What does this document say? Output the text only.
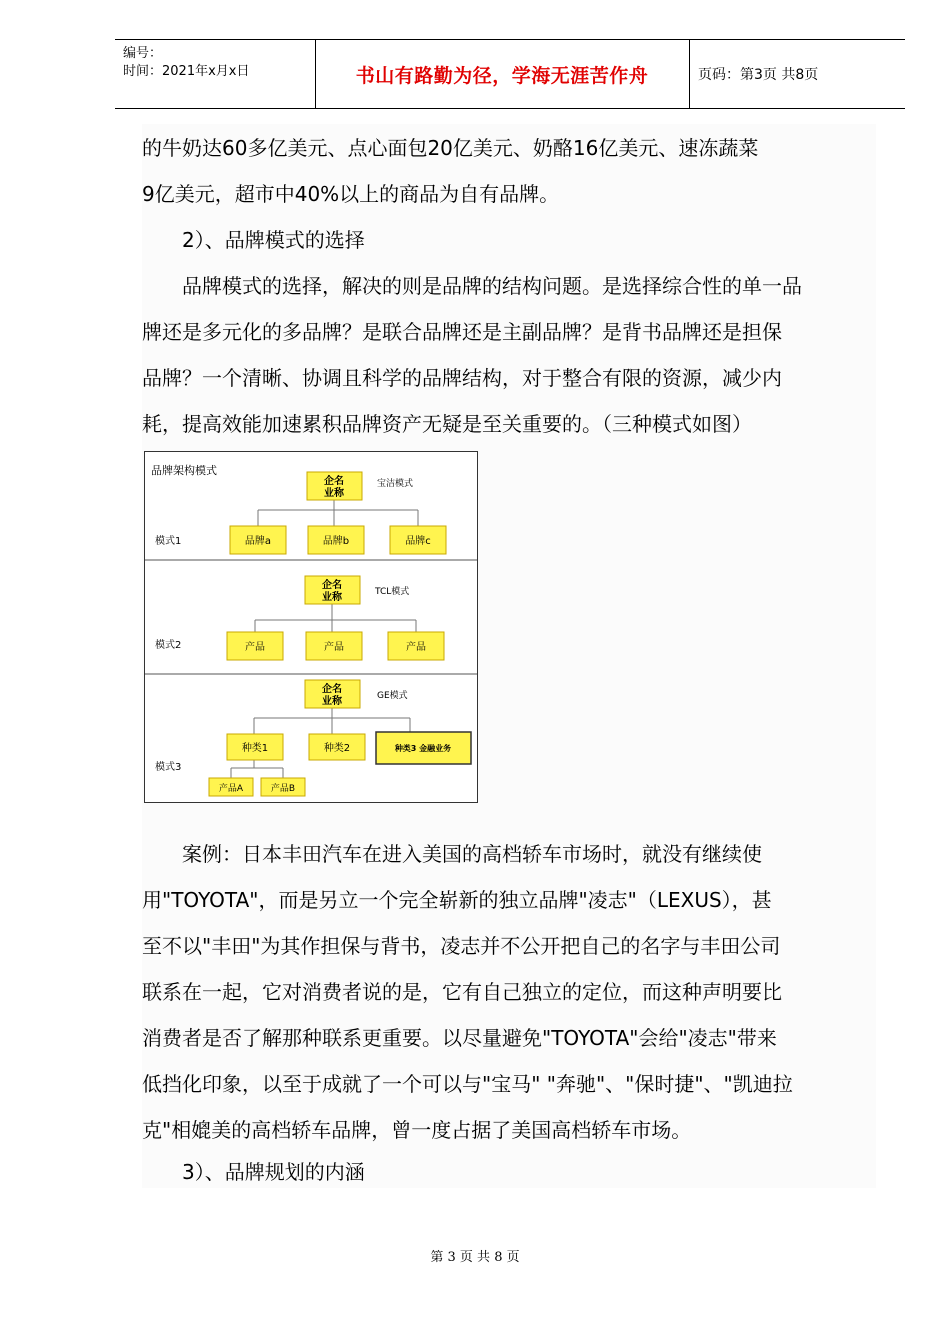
编号：
时间：2021年x月x日	书山有路勤为径，学海无涯苦作舟	页码：第3页 共8页
的牛奶达60多亿美元、点心面包20亿美元、奶酪16亿美元、速冻蔬菜
9亿美元，超市中40%以上的商品为自有品牌。
2）、品牌模式的选择
品牌模式的选择，解决的则是品牌的结构问题。是选择综合性的单一品
牌还是多元化的多品牌？是联合品牌还是主副品牌？是背书品牌还是担保
品牌？一个清晰、协调且科学的品牌结构，对于整合有限的资源，减少内
耗，提高效能加速累积品牌资产无疑是至关重要的。（三种模式如图）
案例：日本丰田汽车在进入美国的高档轿车市场时，就没有继续使
用"TOYOTA"，而是另立一个完全崭新的独立品牌"凌志"（LEXUS），甚
至不以"丰田"为其作担保与背书，凌志并不公开把自己的名字与丰田公司
联系在一起，它对消费者说的是，它有自己独立的定位，而这种声明要比
消费者是否了解那种联系更重要。以尽量避免"TOYOTA"会给"凌志"带来
低挡化印象，以至于成就了一个可以与"宝马" "奔驰"、"保时捷"、"凯迪拉
克"相媲美的高档轿车品牌，曾一度占据了美国高档轿车市场。
3）、品牌规划的内涵
品牌架构模式
企名
业称
宝洁模式
模式1	品牌a	品牌b	品牌c
企名
业称	TCL模式
模式2	产品	产品	产品
企名
业称	GE模式
模式3
种类1	种类2	种类3 金融业务
产品A	产品B
第 3 页 共 8 页
